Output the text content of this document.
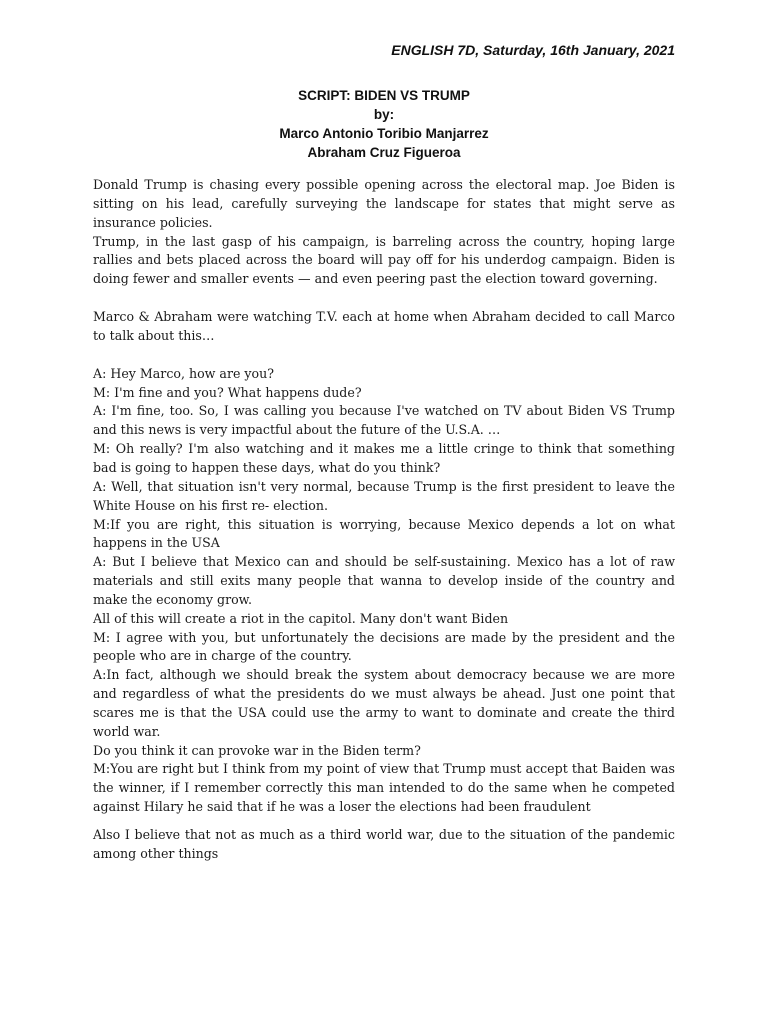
ENGLISH 7D, Saturday, 16th January, 2021
SCRIPT: BIDEN VS TRUMP
by:
Marco Antonio Toribio Manjarrez
Abraham Cruz Figueroa

Donald Trump is chasing every possible opening across the electoral map. Joe Biden is sitting on his lead, carefully surveying the landscape for states that might serve as insurance policies.

Trump, in the last gasp of his campaign, is barreling across the country, hoping large rallies and bets placed across the board will pay off for his underdog campaign. Biden is doing fewer and smaller events — and even peering past the election toward governing.

Marco & Abraham were watching T.V. each at home when Abraham decided to call Marco to talk about this…

A: Hey Marco, how are you?

M: I'm fine and you? What happens dude?

A: I'm fine, too. So, I was calling you because I've watched on TV about Biden VS Trump and this news is very impactful about the future of the U.S.A. …

M: Oh really? I'm also watching and it makes me a little cringe to think that something bad is going to happen these days, what do you think?

A: Well, that situation isn't very normal, because Trump is the first president to leave the White House on his first re- election.

M:If you are right, this situation is worrying, because Mexico depends a lot on what happens in the USA

A: But I believe that Mexico can and should be self-sustaining. Mexico has a lot of raw materials and still exits many people that wanna to develop inside of the country and make the economy grow.

All of this will create a riot in the capitol. Many don't want Biden

M: I agree with you, but unfortunately the decisions are made by the president and the people who are in charge of the country.

A:In fact, although we should break the system about democracy because we are more and regardless of what the presidents do we must always be ahead. Just one point that scares me is that the USA could use the army to want to dominate and create the third world war.

Do you think it can provoke war in the Biden term?

M:You are right but I think from my point of view that Trump must accept that Baiden was the winner, if I remember correctly this man intended to do the same when he competed against Hilary he said that if he was a loser the elections had been fraudulent

Also I believe that not as much as a third world war, due to the situation of the pandemic among other things
